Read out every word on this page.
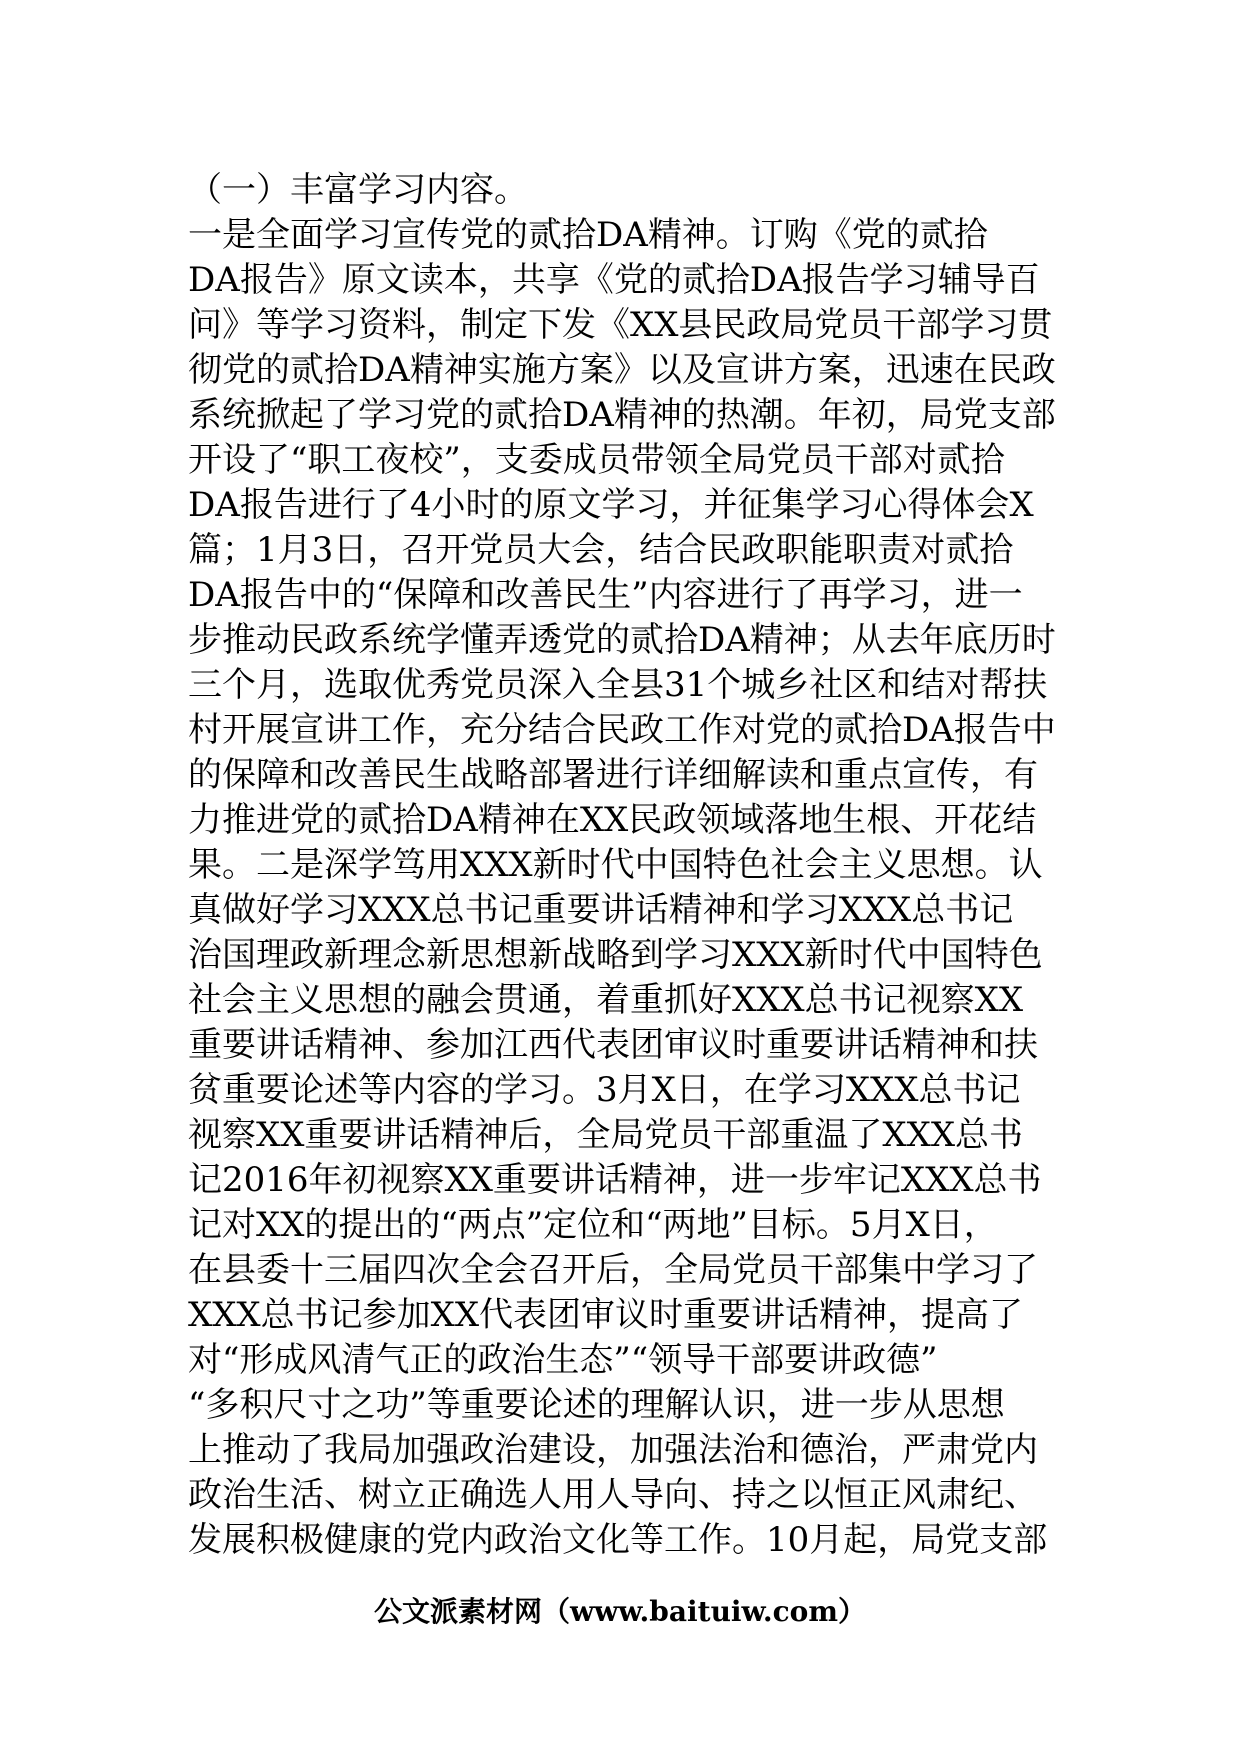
（一）丰富学习内容。
一是全面学习宣传党的贰拾DA精神。订购《党的贰拾
DA报告》原文读本，共享《党的贰拾DA报告学习辅导百
问》等学习资料，制定下发《XX县民政局党员干部学习贯
彻党的贰拾DA精神实施方案》以及宣讲方案，迅速在民政
系统掀起了学习党的贰拾DA精神的热潮。年初，局党支部
开设了“职工夜校”，支委成员带领全局党员干部对贰拾
DA报告进行了4小时的原文学习，并征集学习心得体会X
篇；1月3日，召开党员大会，结合民政职能职责对贰拾
DA报告中的“保障和改善民生”内容进行了再学习，进一
步推动民政系统学懂弄透党的贰拾DA精神；从去年底历时
三个月，选取优秀党员深入全县31个城乡社区和结对帮扶
村开展宣讲工作，充分结合民政工作对党的贰拾DA报告中
的保障和改善民生战略部署进行详细解读和重点宣传，有
力推进党的贰拾DA精神在XX民政领域落地生根、开花结
果。二是深学笃用XXX新时代中国特色社会主义思想。认
真做好学习XXX总书记重要讲话精神和学习XXX总书记
治国理政新理念新思想新战略到学习XXX新时代中国特色
社会主义思想的融会贯通，着重抓好XXX总书记视察XX
重要讲话精神、参加江西代表团审议时重要讲话精神和扶
贫重要论述等内容的学习。3月X日，在学习XXX总书记
视察XX重要讲话精神后，全局党员干部重温了XXX总书
记2016年初视察XX重要讲话精神，进一步牢记XXX总书
记对XX的提出的“两点”定位和“两地”目标。5月X日，
在县委十三届四次全会召开后，全局党员干部集中学习了
XXX总书记参加XX代表团审议时重要讲话精神，提高了
对“形成风清气正的政治生态”“领导干部要讲政德”
“多积尺寸之功”等重要论述的理解认识，进一步从思想
上推动了我局加强政治建设，加强法治和德治，严肃党内
政治生活、树立正确选人用人导向、持之以恒正风肃纪、
发展积极健康的党内政治文化等工作。10月起，局党支部
公文派素材网（www.baituiw.com）
